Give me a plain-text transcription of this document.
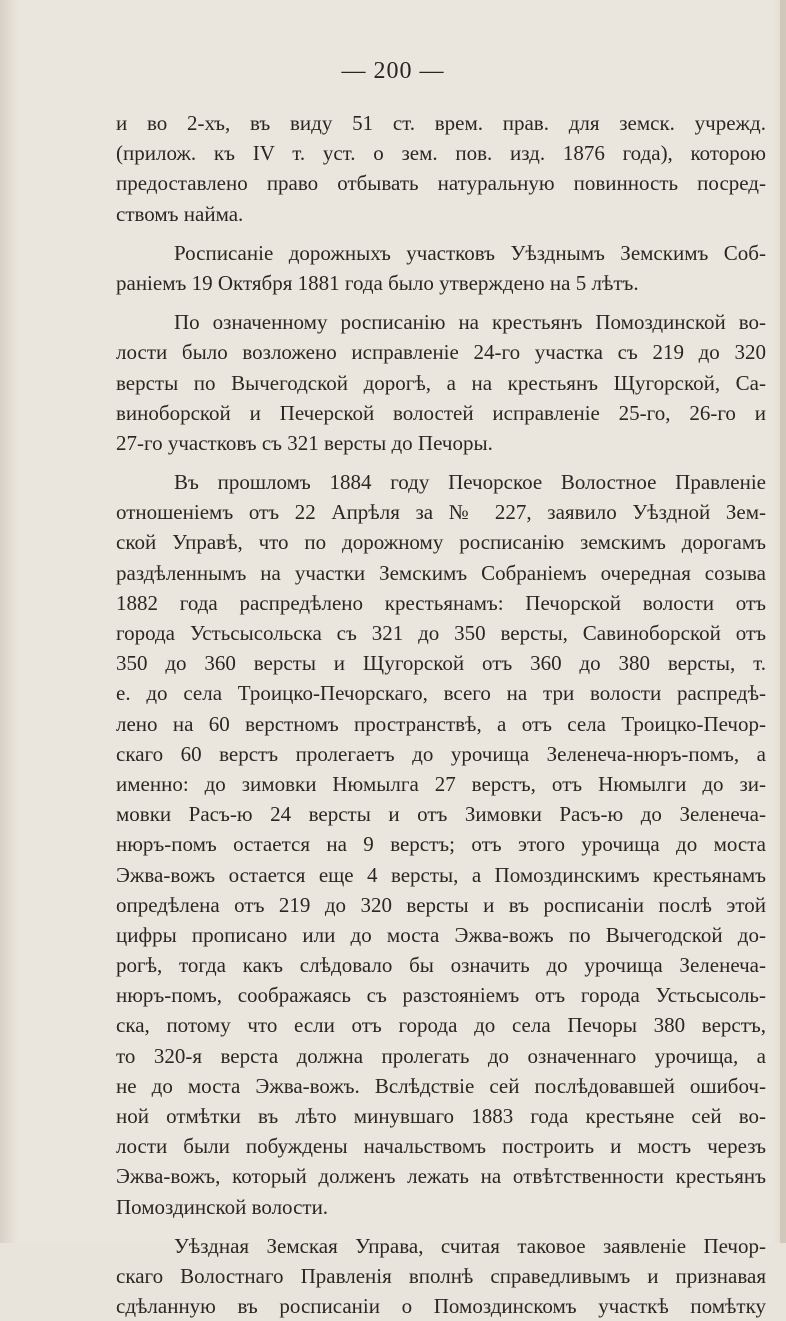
— 200 —
и во 2-хъ, въ виду 51 ст. врем. прав. для земск. учрежд.
(прилож. къ IV т. уст. о зем. пов. изд. 1876 года), которою
предоставлено право отбывать натуральную повинность посред-
ствомъ найма.
Росписаніе дорожныхъ участковъ Уѣзднымъ Земскимъ Соб-
раніемъ 19 Октября 1881 года было утверждено на 5 лѣтъ.
По означенному росписанію на крестьянъ Помоздинской во-
лости было возложено исправленіе 24-го участка съ 219 до 320
версты по Вычегодской дорогѣ, а на крестьянъ Щугорской, Са-
виноборской и Печерской волостей исправленіе 25-го, 26-го и
27-го участковъ съ 321 версты до Печоры.
Въ прошломъ 1884 году Печорское Волостное Правленіе
отношеніемъ отъ 22 Апрѣля за № 227, заявило Уѣздной Зем-
ской Управѣ, что по дорожному росписанію земскимъ дорогамъ
раздѣленнымъ на участки Земскимъ Собраніемъ очередная созыва
1882 года распредѣлено крестьянамъ: Печорской волости отъ
города Устьсысольска съ 321 до 350 версты, Савиноборской отъ
350 до 360 версты и Щугорской отъ 360 до 380 версты, т.
е. до села Троицко-Печорскаго, всего на три волости распредѣ-
лено на 60 верстномъ пространствѣ, а отъ села Троицко-Печор-
скаго 60 верстъ пролегаетъ до урочища Зеленеча-нюръ-помъ, а
именно: до зимовки Нюмылга 27 верстъ, отъ Нюмылги до зи-
мовки Расъ-ю 24 версты и отъ Зимовки Расъ-ю до Зеленеча-
нюръ-помъ остается на 9 верстъ; отъ этого урочища до моста
Эжва-вожъ остается еще 4 версты, а Помоздинскимъ крестьянамъ
опредѣлена отъ 219 до 320 версты и въ росписаніи послѣ этой
цифры прописано или до моста Эжва-вожъ по Вычегодской до-
рогѣ, тогда какъ слѣдовало бы означить до урочища Зеленеча-
нюръ-помъ, соображаясь съ разстояніемъ отъ города Устьсысоль-
ска, потому что если отъ города до села Печоры 380 верстъ,
то 320-я верста должна пролегать до означеннаго урочища, а
не до моста Эжва-вожъ. Вслѣдствіе сей послѣдовавшей ошибоч-
ной отмѣтки въ лѣто минувшаго 1883 года крестьяне сей во-
лости были побуждены начальствомъ построить и мостъ черезъ
Эжва-вожъ, который долженъ лежать на отвѣтственности крестьянъ
Помоздинской волости.
Уѣздная Земская Управа, считая таковое заявленіе Печор-
скаго Волостнаго Правленія вполнѣ справедливымъ и признавая
сдѣланную въ росписаніи о Помоздинскомъ участкѣ помѣтку
